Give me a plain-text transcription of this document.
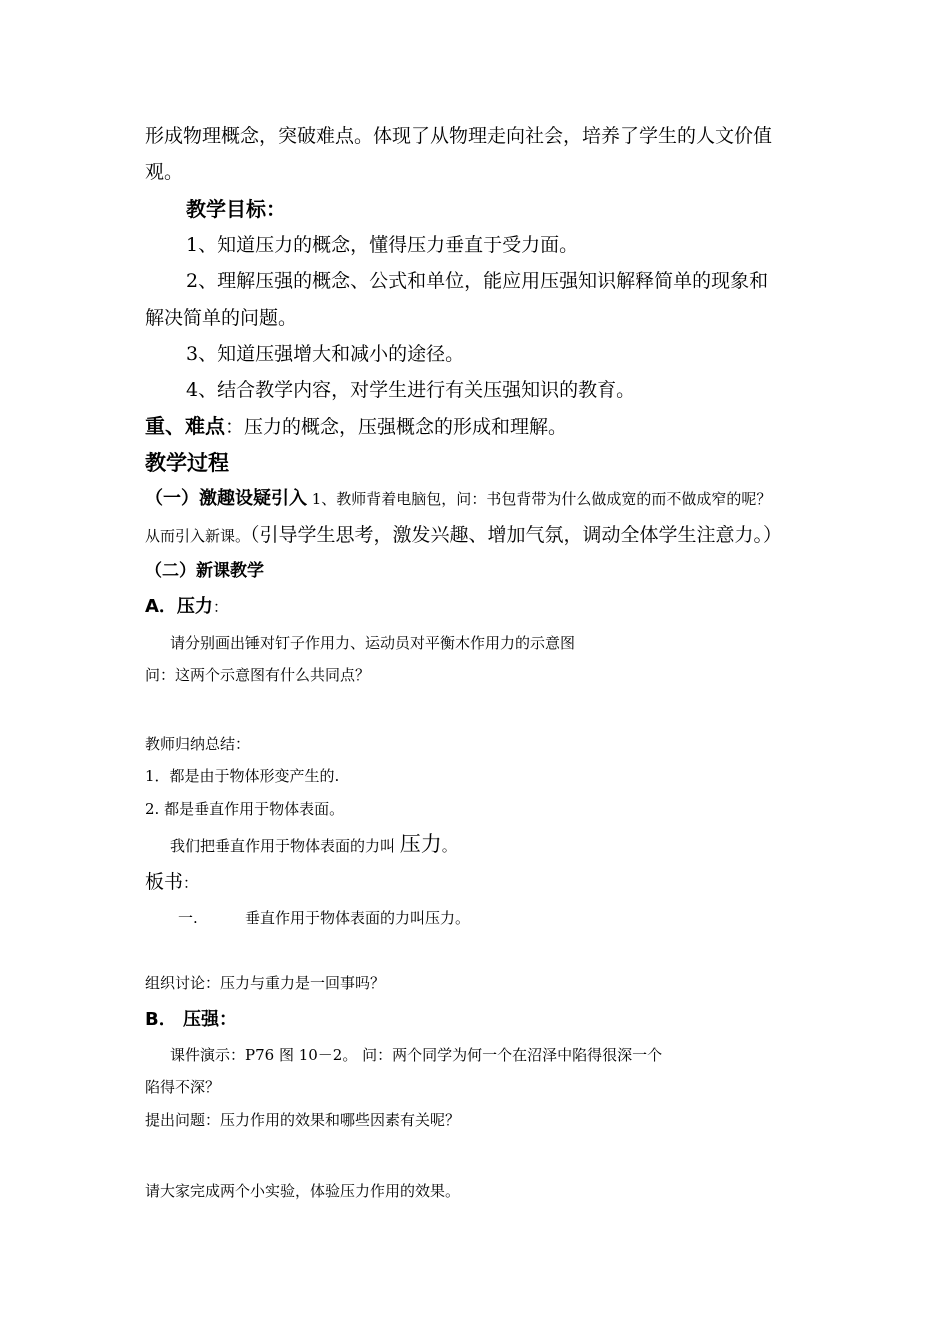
形成物理概念，突破难点。体现了从物理走向社会，培养了学生的人文价值
观。
教学目标：
1、知道压力的概念，懂得压力垂直于受力面。
2、理解压强的概念、公式和单位，能应用压强知识解释简单的现象和
解决简单的问题。
3、知道压强增大和减小的途径。
4、结合教学内容，对学生进行有关压强知识的教育。
重、难点：压力的概念，压强概念的形成和理解。
教学过程
（一）激趣设疑引入 1、教师背着电脑包，问：书包背带为什么做成宽的而不做成窄的呢？
从而引入新课。（引导学生思考，激发兴趣、增加气氛，调动全体学生注意力。）
（二）新课教学
A．压力：
请分别画出锤对钉子作用力、运动员对平衡木作用力的示意图
问：这两个示意图有什么共同点？
教师归纳总结：
1．都是由于物体形变产生的.
2. 都是垂直作用于物体表面。
我们把垂直作用于物体表面的力叫 压力。
板书：
一.	垂直作用于物体表面的力叫压力。
组织讨论：压力与重力是一回事吗？
B． 压强：
课件演示：P76 图 10－2。 问：两个同学为何一个在沼泽中陷得很深一个
陷得不深？
提出问题：压力作用的效果和哪些因素有关呢？
请大家完成两个小实验，体验压力作用的效果。
